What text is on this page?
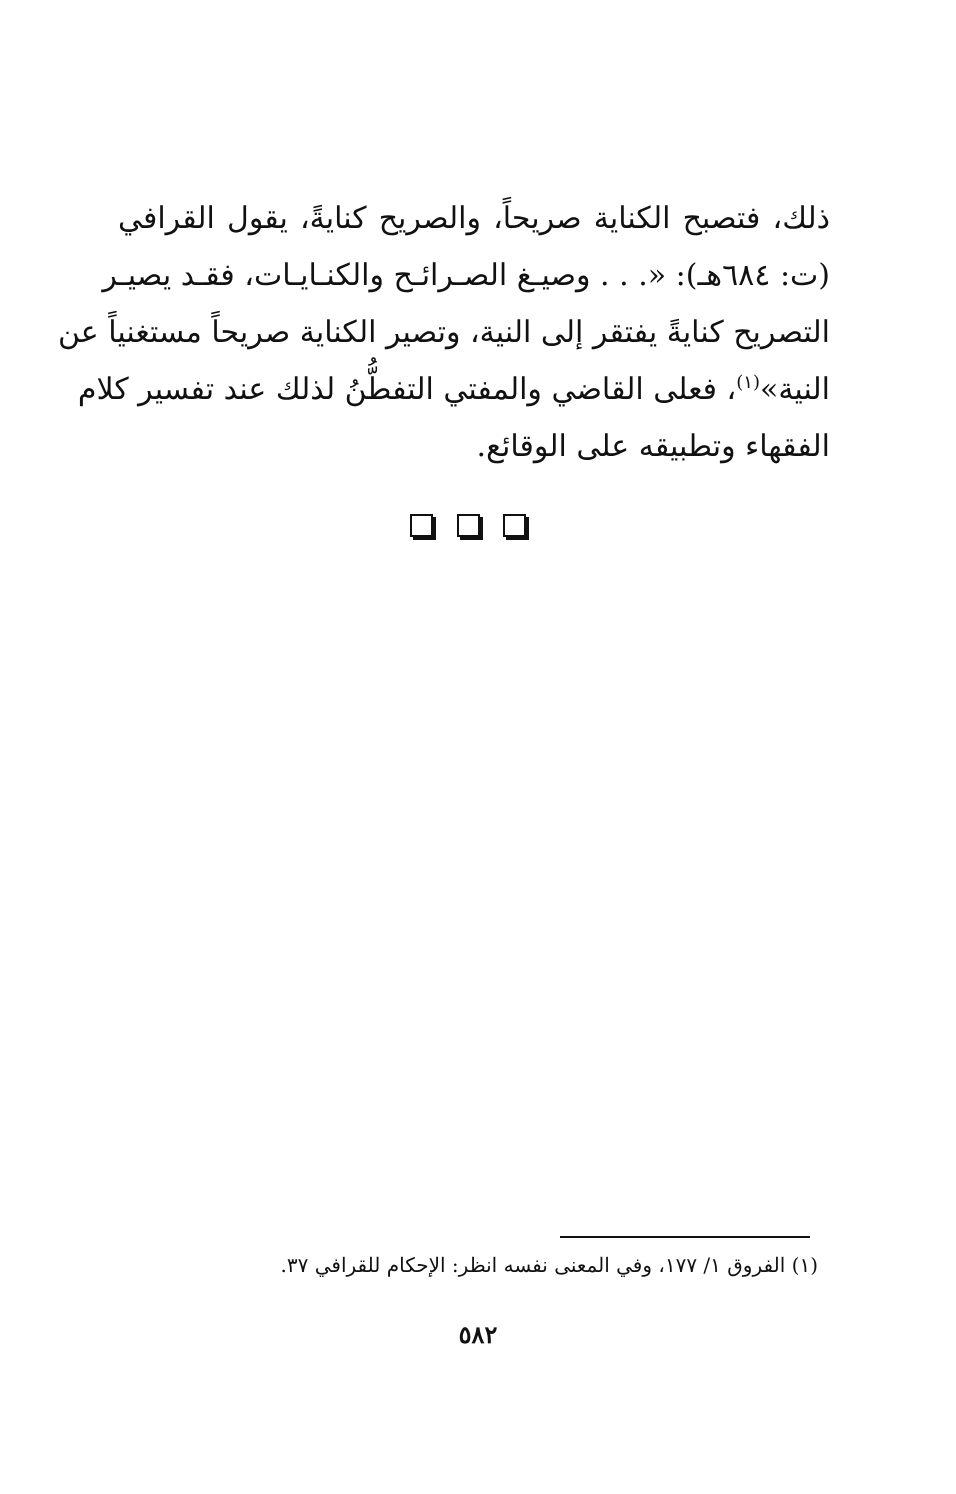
ذلك، فتصبح الكناية صريحاً، والصريح كنايةً، يقول القرافي
(ت: ٦٨٤هـ): «. . . وصيـغ الصـرائـح والكنـايـات، فقـد يصيـر
التصريح كنايةً يفتقر إلى النية، وتصير الكناية صريحاً مستغنياً عن
النية»$^{(١)}$، فعلى القاضي والمفتي التفطُّنُ لذلك عند تفسير كلام
الفقهاء وتطبيقه على الوقائع.
(١) الفروق ١/ ١٧٧، وفي المعنى نفسه انظر: الإحكام للقرافي ٣٧.
٥٨٢
